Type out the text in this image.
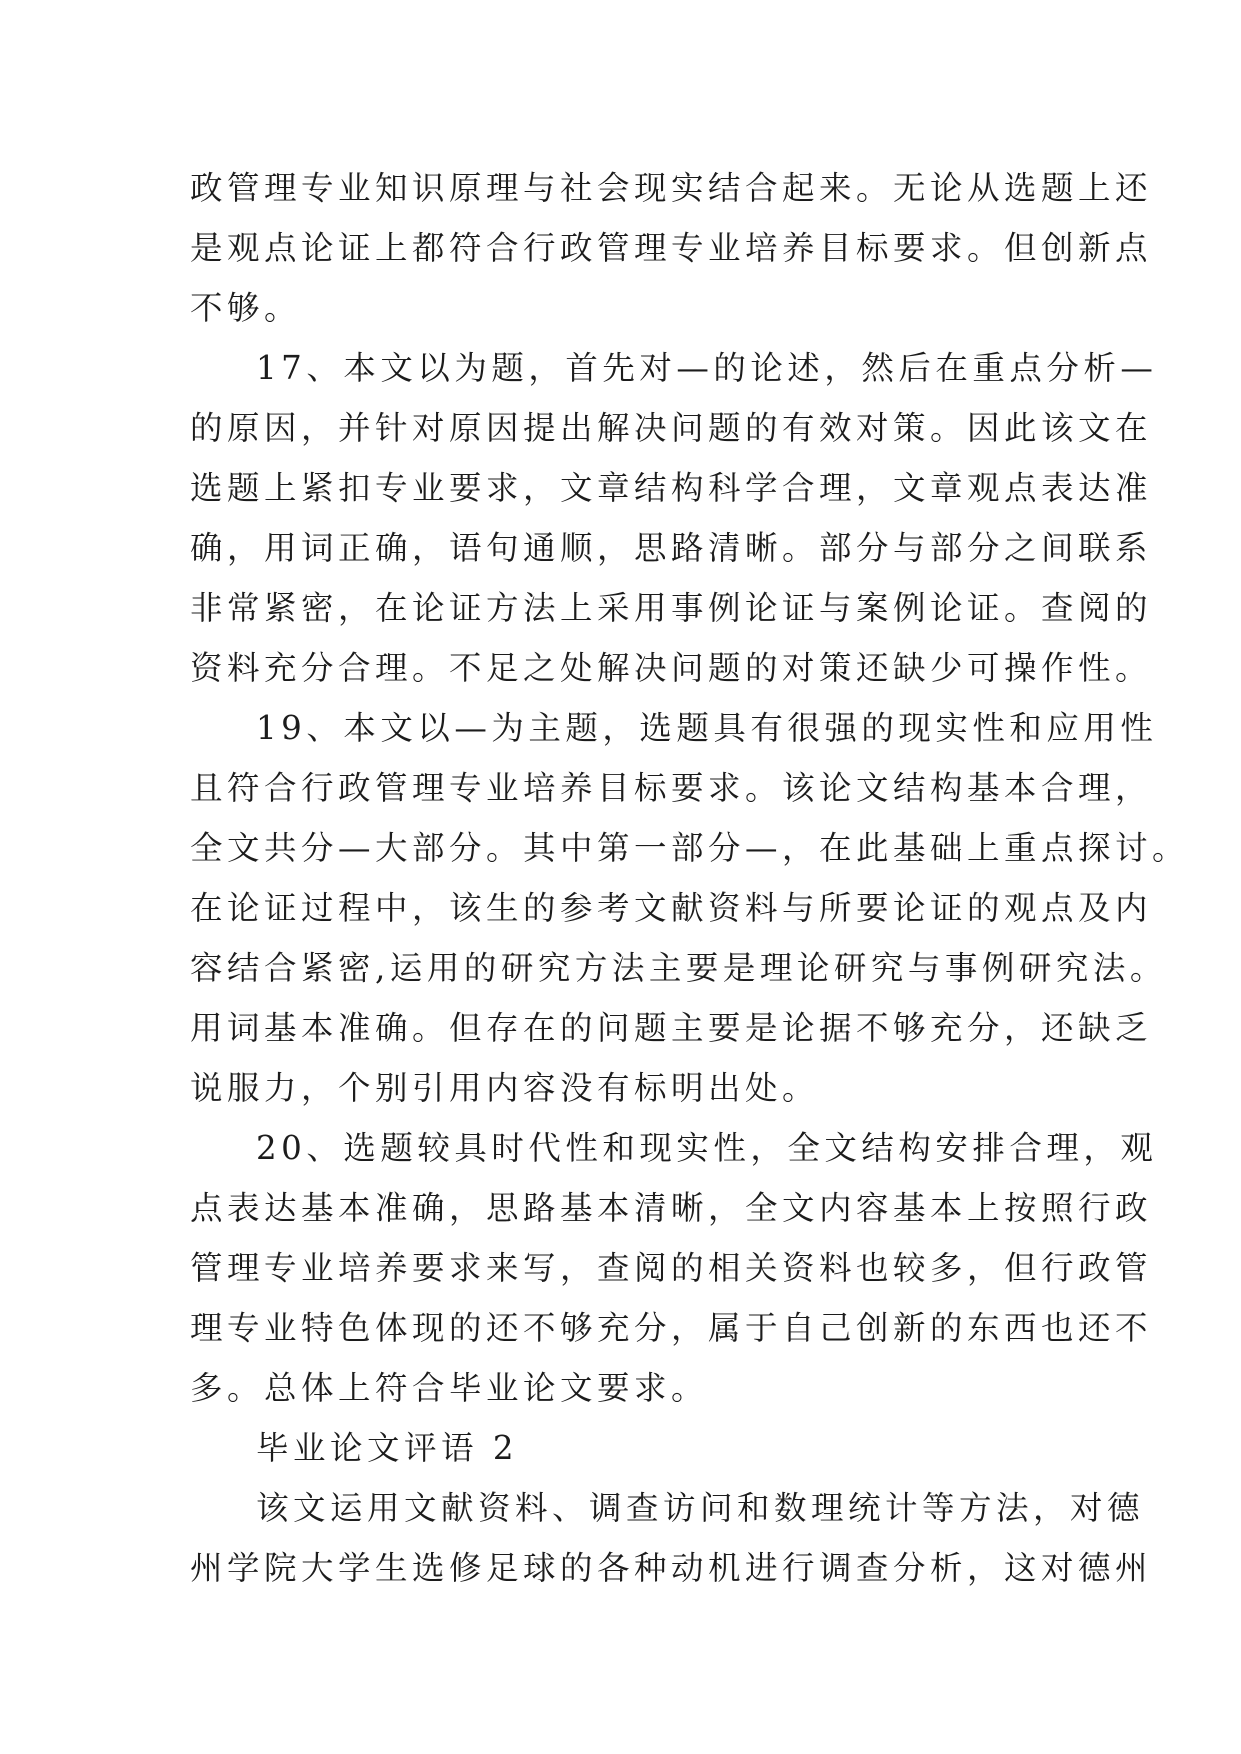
政管理专业知识原理与社会现实结合起来。无论从选题上还
是观点论证上都符合行政管理专业培养目标要求。但创新点
不够。
17、本文以为题，首先对—的论述，然后在重点分析—
的原因，并针对原因提出解决问题的有效对策。因此该文在
选题上紧扣专业要求，文章结构科学合理，文章观点表达准
确，用词正确，语句通顺，思路清晰。部分与部分之间联系
非常紧密，在论证方法上采用事例论证与案例论证。查阅的
资料充分合理。不足之处解决问题的对策还缺少可操作性。
19、本文以—为主题，选题具有很强的现实性和应用性
且符合行政管理专业培养目标要求。该论文结构基本合理，
全文共分—大部分。其中第一部分—，在此基础上重点探讨。
在论证过程中，该生的参考文献资料与所要论证的观点及内
容结合紧密,运用的研究方法主要是理论研究与事例研究法。
用词基本准确。但存在的问题主要是论据不够充分，还缺乏
说服力，个别引用内容没有标明出处。
20、选题较具时代性和现实性，全文结构安排合理，观
点表达基本准确，思路基本清晰，全文内容基本上按照行政
管理专业培养要求来写，查阅的相关资料也较多，但行政管
理专业特色体现的还不够充分，属于自己创新的东西也还不
多。总体上符合毕业论文要求。
毕业论文评语 2
该文运用文献资料、调查访问和数理统计等方法，对德
州学院大学生选修足球的各种动机进行调查分析，这对德州
